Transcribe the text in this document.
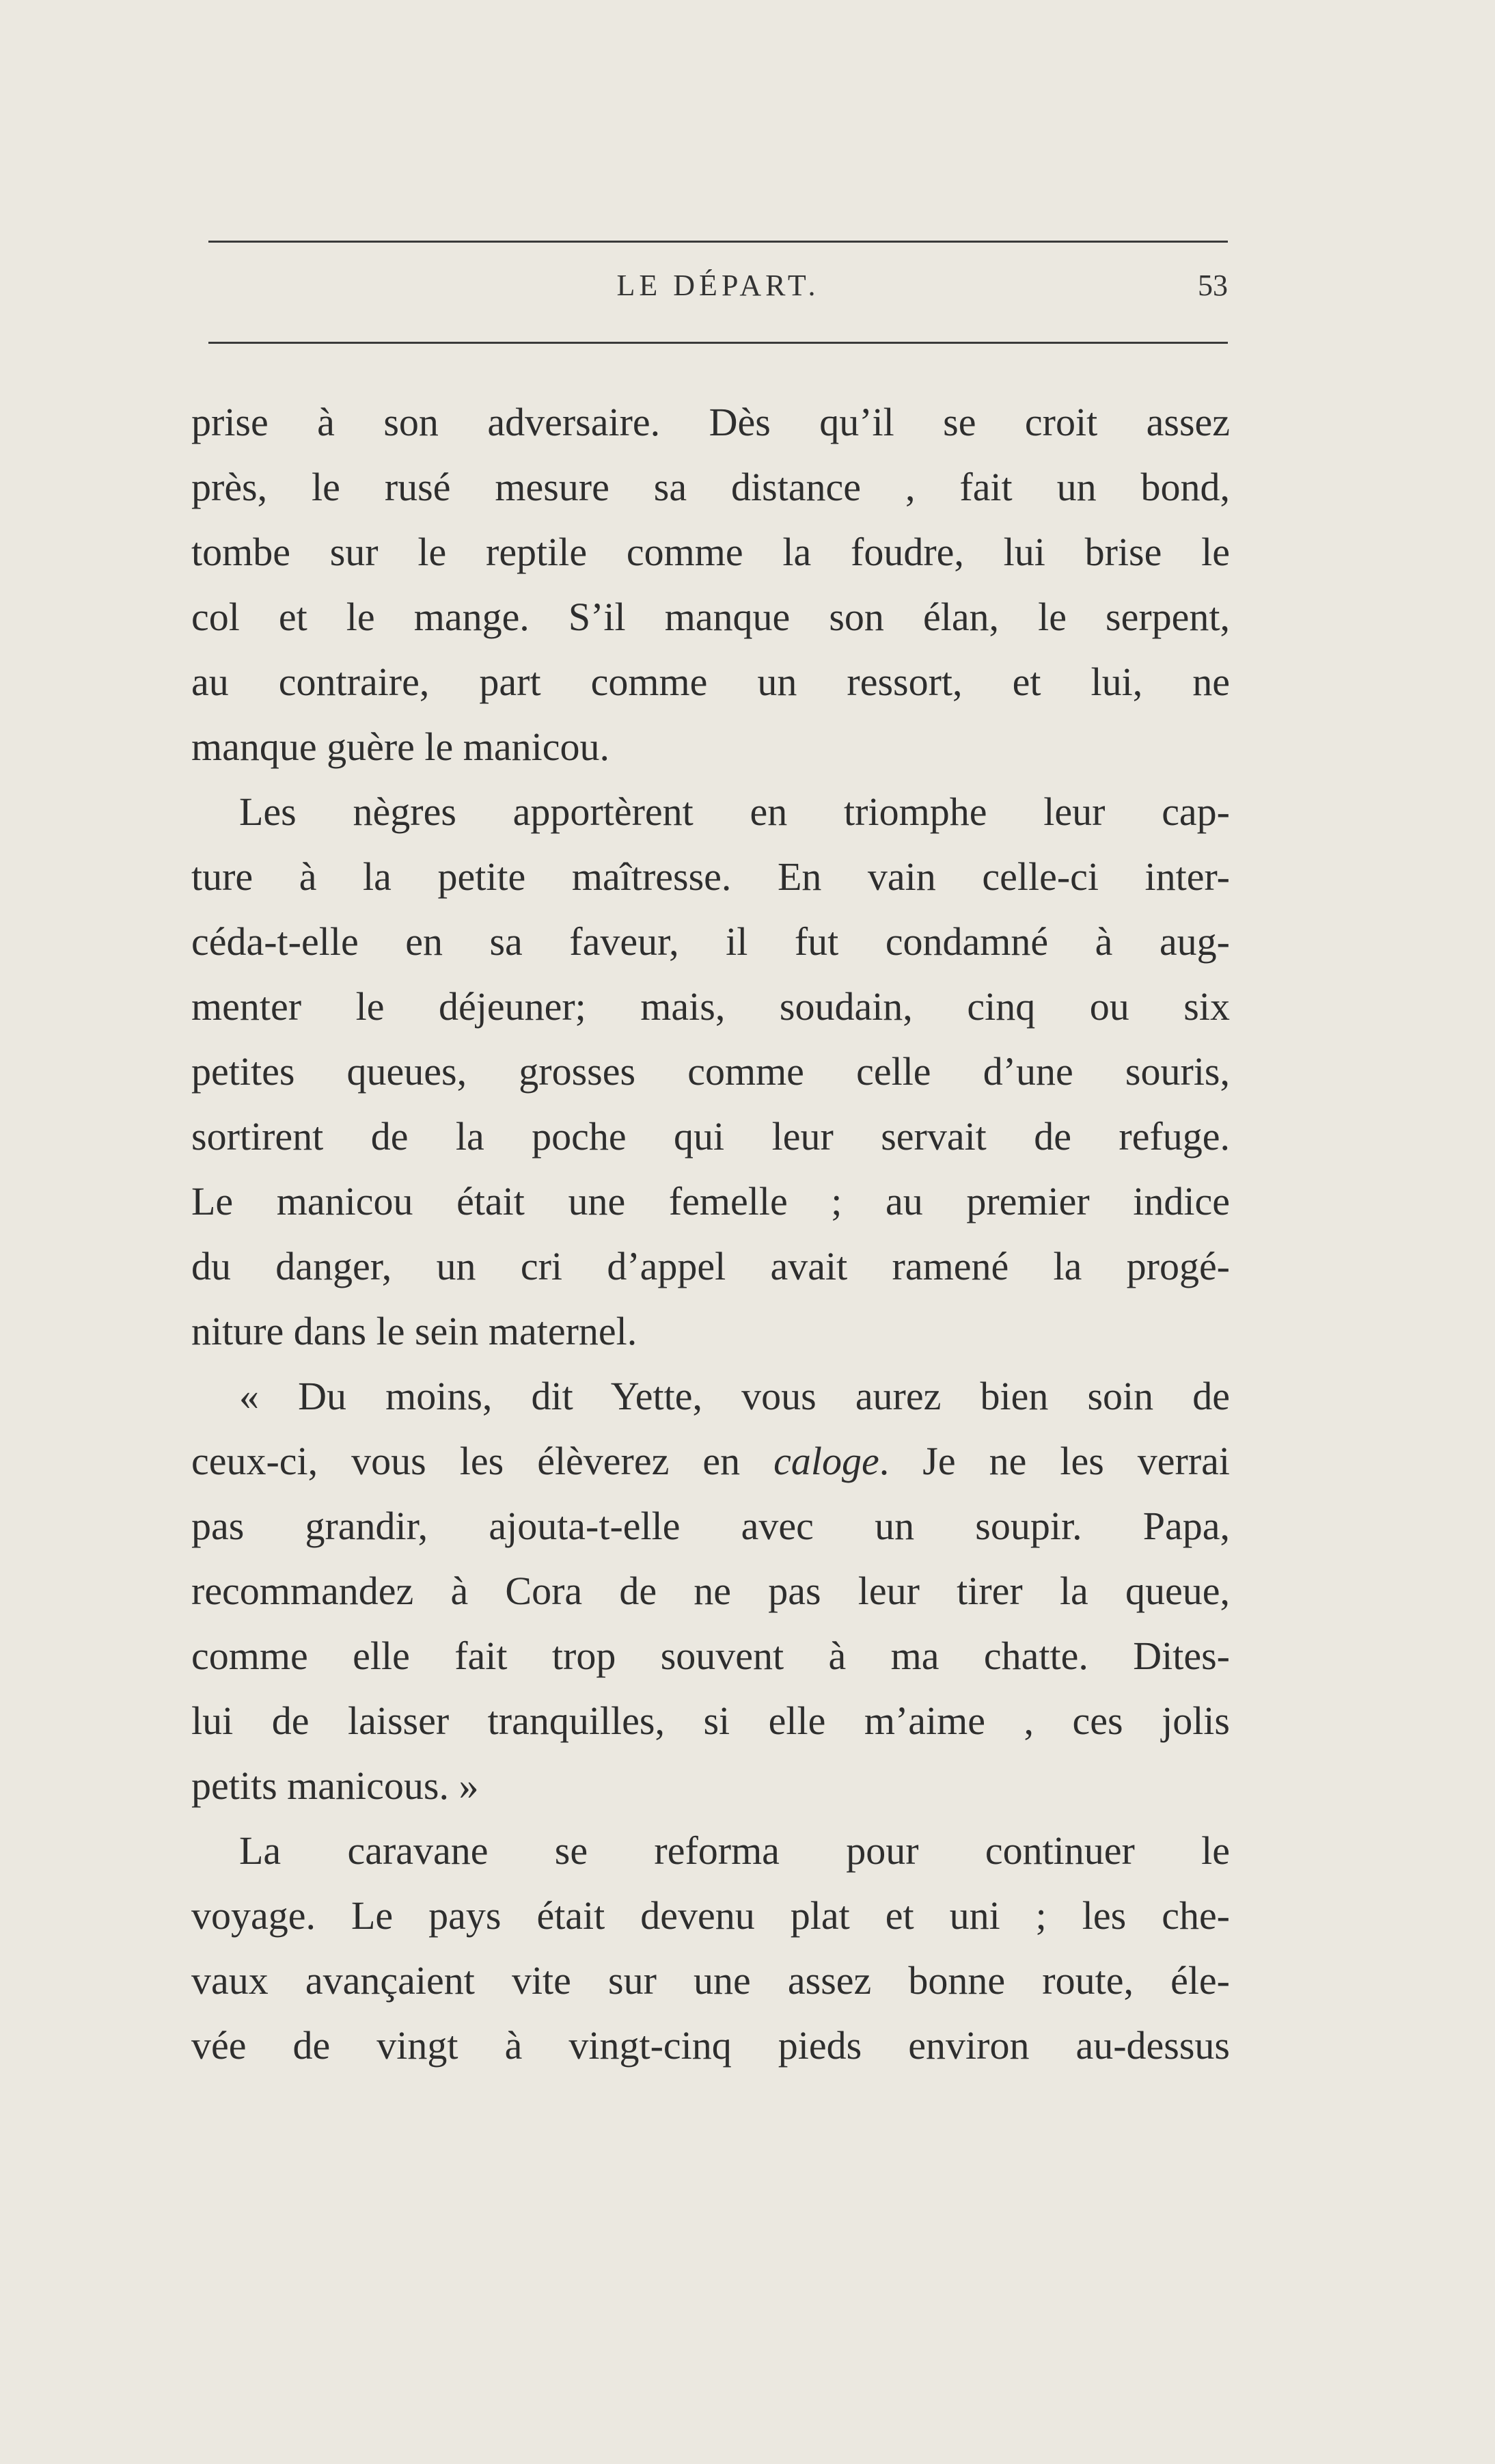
LE DÉPART.	53
prise à son adversaire. Dès qu’il se croit assez
près, le rusé mesure sa distance , fait un bond,
tombe sur le reptile comme la foudre, lui brise le
col et le mange. S’il manque son élan, le serpent,
au contraire, part comme un ressort, et lui, ne
manque guère le manicou.
Les nègres apportèrent en triomphe leur cap-
ture à la petite maîtresse. En vain celle-ci inter-
céda-t-elle en sa faveur, il fut condamné à aug-
menter le déjeuner; mais, soudain, cinq ou six
petites queues, grosses comme celle d’une souris,
sortirent de la poche qui leur servait de refuge.
Le manicou était une femelle ; au premier indice
du danger, un cri d’appel avait ramené la progé-
niture dans le sein maternel.
« Du moins, dit Yette, vous aurez bien soin de
ceux-ci, vous les élèverez en caloge. Je ne les verrai
pas grandir, ajouta-t-elle avec un soupir. Papa,
recommandez à Cora de ne pas leur tirer la queue,
comme elle fait trop souvent à ma chatte. Dites-
lui de laisser tranquilles, si elle m’aime , ces jolis
petits manicous. »
La caravane se reforma pour continuer le
voyage. Le pays était devenu plat et uni ; les che-
vaux avançaient vite sur une assez bonne route, éle-
vée de vingt à vingt-cinq pieds environ au-dessus
